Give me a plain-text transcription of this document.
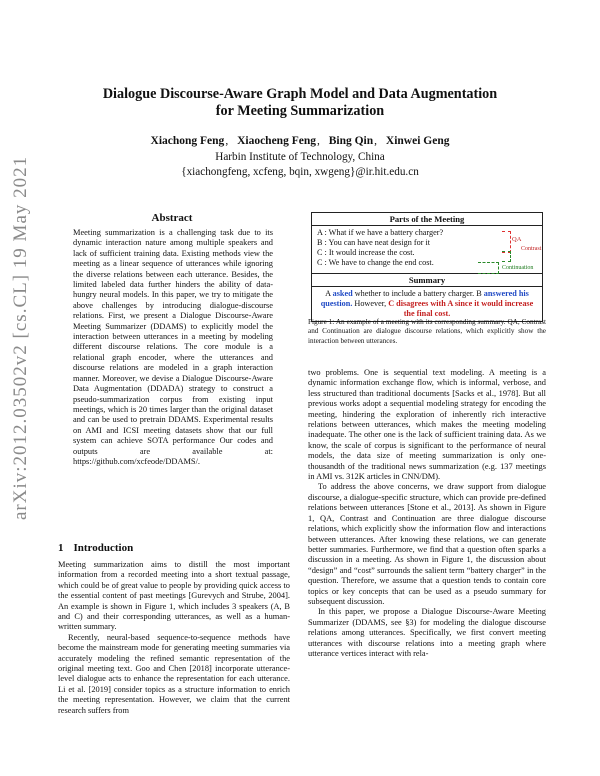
arXiv:2012.03502v2 [cs.CL] 19 May 2021
Dialogue Discourse-Aware Graph Model and Data Augmentation
for Meeting Summarization
Xiachong Feng, Xiaocheng Feng, Bing Qin, Xinwei Geng
Harbin Institute of Technology, China
{xiachongfeng, xcfeng, bqin, xwgeng}@ir.hit.edu.cn
Abstract
Meeting summarization is a challenging task due to its dynamic interaction nature among multiple speakers and lack of sufficient training data. Existing methods view the meeting as a linear sequence of utterances while ignoring the diverse relations between each utterance. Besides, the limited labeled data further hinders the ability of data-hungry neural models. In this paper, we try to mitigate the above challenges by introducing dialogue-discourse relations. First, we present a Dialogue Discourse-Aware Meeting Summarizer (DDAMS) to explicitly model the interaction between utterances in a meeting by modeling different discourse relations. The core module is a relational graph encoder, where the utterances and discourse relations are modeled in a graph interaction manner. Moreover, we devise a Dialogue Discourse-Aware Data Augmentation (DDADA) strategy to construct a pseudo-summarization corpus from existing input meetings, which is 20 times larger than the original dataset and can be used to pretrain DDAMS. Experimental results on AMI and ICSI meeting datasets show that our full system can achieve SOTA performance Our codes and outputs are available at: https://github.com/xcfeode/DDAMS/.
1 Introduction

Meeting summarization aims to distill the most important information from a recorded meeting into a short textual passage, which could be of great value to people by providing quick access to the essential content of past meetings [Gurevych and Strube, 2004]. An example is shown in Figure 1, which includes 3 speakers (A, B and C) and their corresponding utterances, as well as a human-written summary.

Recently, neural-based sequence-to-sequence methods have become the mainstream mode for generating meeting summaries via accurately modeling the refined semantic representation of the original meeting text. Goo and Chen [2018] incorporate utterance-level dialogue acts to enhance the representation for each utterance. Li et al. [2019] consider topics as a structure information to enrich the meeting representation. However, we claim that the current research suffers from

Parts of the Meeting
A : What if we have a battery charger?
B : You can have neat design for it
C : It would increase the cost.
C : We have to change the end cost.
QA
Contrast
Continuation
Summary
A asked whether to include a battery charger. B answered his question. However, C disagrees with A since it would increase the final cost.
Figure 1: An example of a meeting with its corresponding summary. QA, Contrast and Continuation are dialogue discourse relations, which explicitly show the interaction between utterances.

two problems. One is sequential text modeling. A meeting is a dynamic information exchange flow, which is informal, verbose, and less structured than traditional documents [Sacks et al., 1978]. But all previous works adopt a sequential modeling strategy for encoding the meeting, hindering the exploration of inherently rich interactive relations between utterances, which makes the meeting modeling inadequate. The other one is the lack of sufficient training data. As we know, the scale of corpus is significant to the performance of neural models, the data size of meeting summarization is only one-thousandth of the traditional news summarization (e.g. 137 meetings in AMI vs. 312K articles in CNN/DM).

To address the above concerns, we draw support from dialogue discourse, a dialogue-specific structure, which can provide pre-defined relations between utterances [Stone et al., 2013]. As shown in Figure 1, QA, Contrast and Continuation are three dialogue discourse relations, which explicitly show the information flow and interactions between utterances. After knowing these relations, we can generate better summaries. Furthermore, we find that a question often sparks a discussion in a meeting. As shown in Figure 1, the discussion about “design” and “cost” surrounds the salient term “battery charger” in the question. Therefore, we assume that a question tends to contain core topics or key concepts that can be used as a pseudo summary for subsequent discussion.

In this paper, we propose a Dialogue Discourse-Aware Meeting Summarizer (DDAMS, see §3) for modeling the dialogue discourse relations among utterances. Specifically, we first convert meeting utterances with discourse relations into a meeting graph where utterance vertices interact with rela-
